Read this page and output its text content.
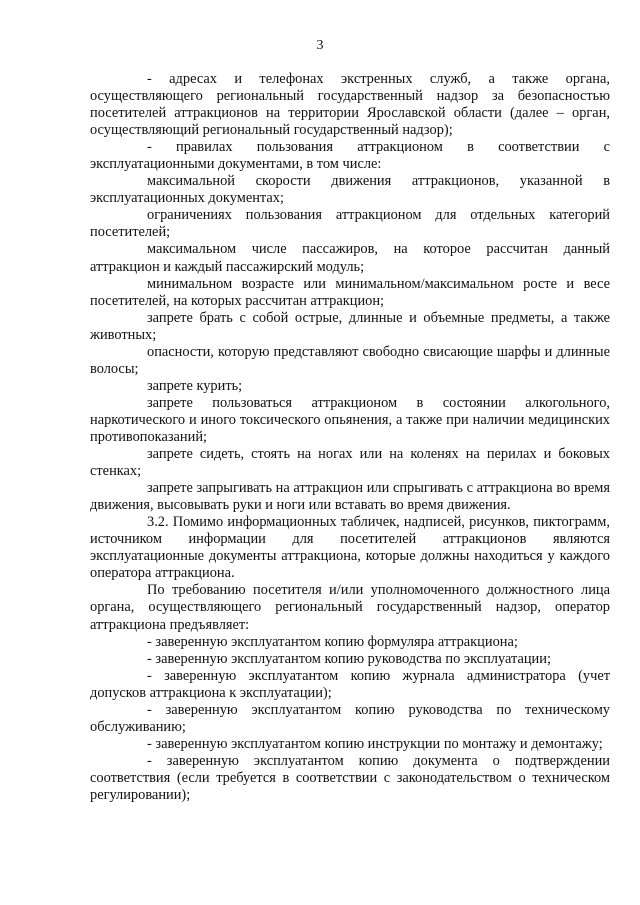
3

- адресах и телефонах экстренных служб, а также органа, осуществляющего региональный государственный надзор за безопасностью посетителей аттракционов на территории Ярославской области (далее – орган, осуществляющий региональный государственный надзор);

- правилах пользования аттракционом в соответствии с эксплуатационными документами, в том числе:

максимальной скорости движения аттракционов, указанной в эксплуатационных документах;

ограничениях пользования аттракционом для отдельных категорий посетителей;

максимальном числе пассажиров, на которое рассчитан данный аттракцион и каждый пассажирский модуль;

минимальном возрасте или минимальном/максимальном росте и весе посетителей, на которых рассчитан аттракцион;

запрете брать с собой острые, длинные и объемные предметы, а также животных;

опасности, которую представляют свободно свисающие шарфы и длинные волосы;

запрете курить;

запрете пользоваться аттракционом в состоянии алкогольного, наркотического и иного токсического опьянения, а также при наличии медицинских противопоказаний;

запрете сидеть, стоять на ногах или на коленях на перилах и боковых стенках;

запрете запрыгивать на аттракцион или спрыгивать с аттракциона во время движения, высовывать руки и ноги или вставать во время движения.

3.2. Помимо информационных табличек, надписей, рисунков, пиктограмм, источником информации для посетителей аттракционов являются эксплуатационные документы аттракциона, которые должны находиться у каждого оператора аттракциона.

По требованию посетителя и/или уполномоченного должностного лица органа, осуществляющего региональный государственный надзор, оператор аттракциона предъявляет:

- заверенную эксплуатантом копию формуляра аттракциона;

- заверенную эксплуатантом копию руководства по эксплуатации;

- заверенную эксплуатантом копию журнала администратора (учет допусков аттракциона к эксплуатации);

- заверенную эксплуатантом копию руководства по техническому обслуживанию;

- заверенную эксплуатантом копию инструкции по монтажу и демонтажу;

- заверенную эксплуатантом копию документа о подтверждении соответствия (если требуется в соответствии с законодательством о техническом регулировании);
